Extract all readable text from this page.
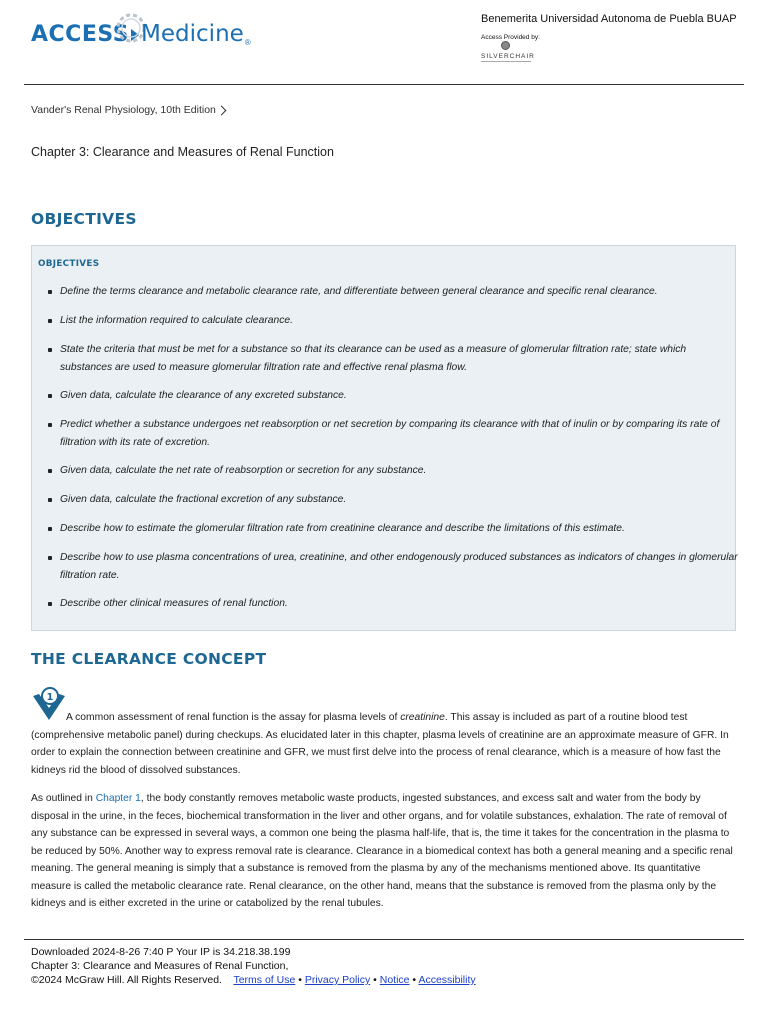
ACCESS Medicine ®
Benemerita Universidad Autonoma de Puebla BUAP
Access Provided by:
SILVERCHAIR
Vander's Renal Physiology, 10th Edition
Chapter 3: Clearance and Measures of Renal Function
OBJECTIVES
OBJECTIVES
Define the terms clearance and metabolic clearance rate, and differentiate between general clearance and specific renal clearance.
List the information required to calculate clearance.
State the criteria that must be met for a substance so that its clearance can be used as a measure of glomerular filtration rate; state which substances are used to measure glomerular filtration rate and effective renal plasma flow.
Given data, calculate the clearance of any excreted substance.
Predict whether a substance undergoes net reabsorption or net secretion by comparing its clearance with that of inulin or by comparing its rate of filtration with its rate of excretion.
Given data, calculate the net rate of reabsorption or secretion for any substance.
Given data, calculate the fractional excretion of any substance.
Describe how to estimate the glomerular filtration rate from creatinine clearance and describe the limitations of this estimate.
Describe how to use plasma concentrations of urea, creatinine, and other endogenously produced substances as indicators of changes in glomerular filtration rate.
Describe other clinical measures of renal function.
THE CLEARANCE CONCEPT
1
A common assessment of renal function is the assay for plasma levels of creatinine. This assay is included as part of a routine blood test (comprehensive metabolic panel) during checkups. As elucidated later in this chapter, plasma levels of creatinine are an approximate measure of GFR. In order to explain the connection between creatinine and GFR, we must first delve into the process of renal clearance, which is a measure of how fast the kidneys rid the blood of dissolved substances.
As outlined in Chapter 1, the body constantly removes metabolic waste products, ingested substances, and excess salt and water from the body by disposal in the urine, in the feces, biochemical transformation in the liver and other organs, and for volatile substances, exhalation. The rate of removal of any substance can be expressed in several ways, a common one being the plasma half-life, that is, the time it takes for the concentration in the plasma to be reduced by 50%. Another way to express removal rate is clearance. Clearance in a biomedical context has both a general meaning and a specific renal meaning. The general meaning is simply that a substance is removed from the plasma by any of the mechanisms mentioned above. Its quantitative measure is called the metabolic clearance rate. Renal clearance, on the other hand, means that the substance is removed from the plasma only by the kidneys and is either excreted in the urine or catabolized by the renal tubules.
Downloaded 2024-8-26 7:40 P Your IP is 34.218.38.199
Chapter 3: Clearance and Measures of Renal Function,
©2024 McGraw Hill. All Rights Reserved. Terms of Use • Privacy Policy • Notice • Accessibility
